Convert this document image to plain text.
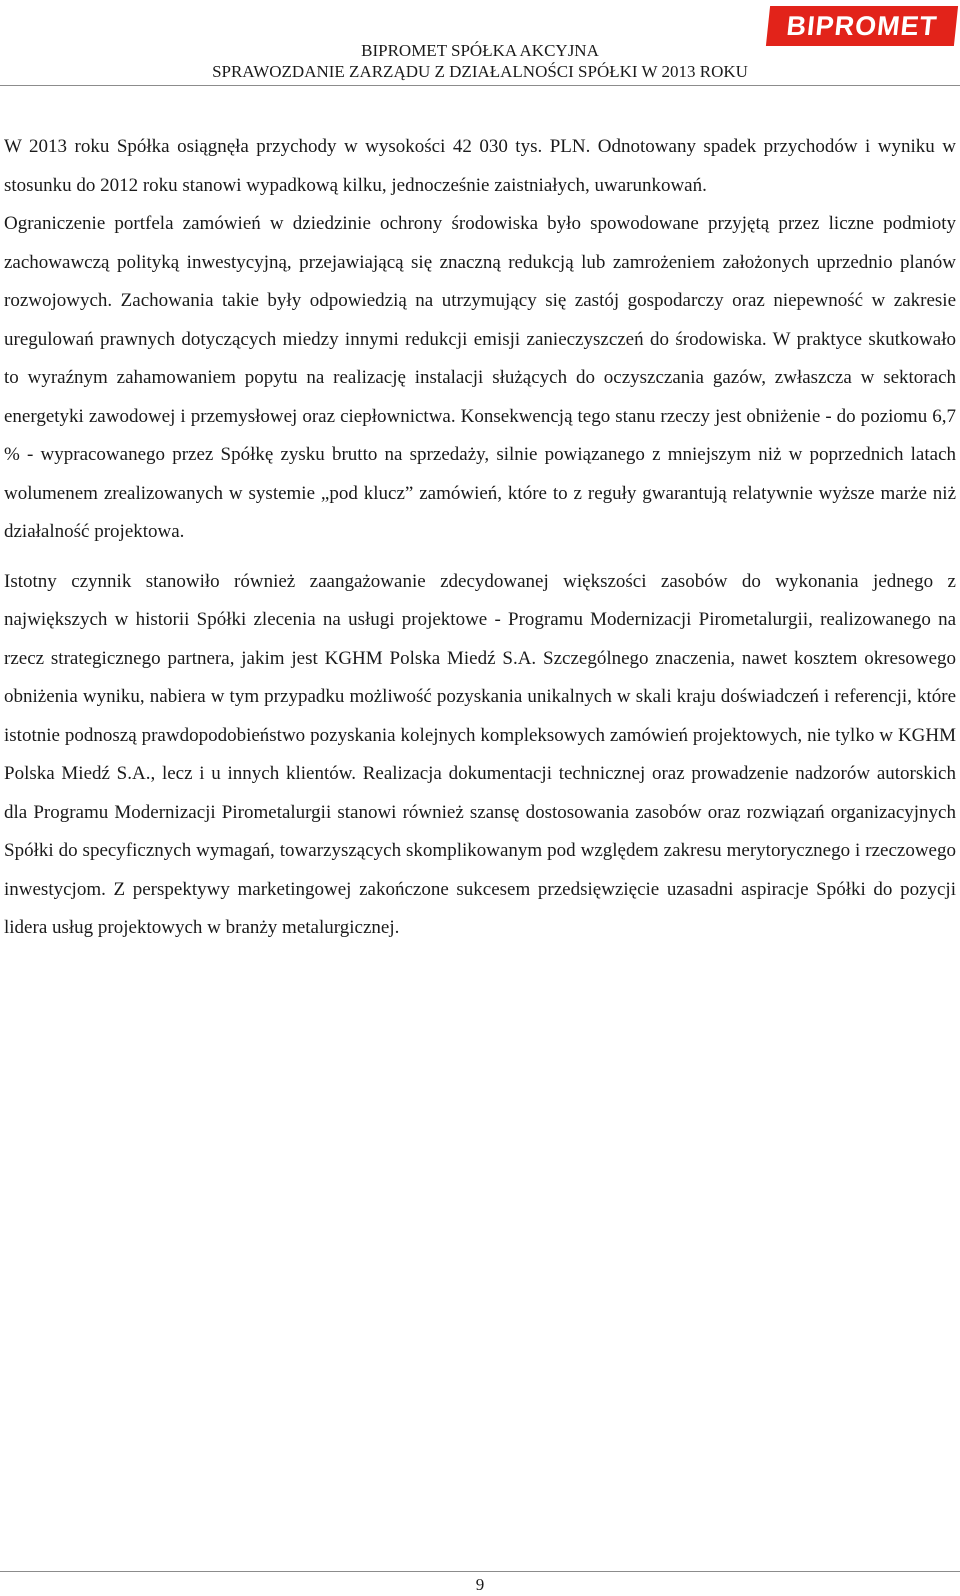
BIPROMET
BIPROMET SPÓŁKA AKCYJNA
SPRAWOZDANIE ZARZĄDU Z DZIAŁALNOŚCI SPÓŁKI W 2013 ROKU

W 2013 roku Spółka osiągnęła przychody w wysokości 42 030 tys. PLN. Odnotowany spadek przychodów i wyniku w stosunku do 2012 roku stanowi wypadkową kilku, jednocześnie zaistniałych, uwarunkowań.

Ograniczenie portfela zamówień w dziedzinie ochrony środowiska było spowodowane przyjętą przez liczne podmioty zachowawczą polityką inwestycyjną, przejawiającą się znaczną redukcją lub zamrożeniem założonych uprzednio planów rozwojowych. Zachowania takie były odpowiedzią na utrzymujący się zastój gospodarczy oraz niepewność w zakresie uregulowań prawnych dotyczących miedzy innymi redukcji emisji zanieczyszczeń do środowiska. W praktyce skutkowało to wyraźnym zahamowaniem popytu na realizację instalacji służących do oczyszczania gazów, zwłaszcza w sektorach energetyki zawodowej i przemysłowej oraz ciepłownictwa. Konsekwencją tego stanu rzeczy jest obniżenie - do poziomu 6,7 % - wypracowanego przez Spółkę zysku brutto na sprzedaży, silnie powiązanego z mniejszym niż w poprzednich latach wolumenem zrealizowanych w systemie „pod klucz” zamówień, które to z reguły gwarantują relatywnie wyższe marże niż działalność projektowa.

Istotny czynnik stanowiło również zaangażowanie zdecydowanej większości zasobów do wykonania jednego z największych w historii Spółki zlecenia na usługi projektowe - Programu Modernizacji Pirometalurgii, realizowanego na rzecz strategicznego partnera, jakim jest KGHM Polska Miedź S.A. Szczególnego znaczenia, nawet kosztem okresowego obniżenia wyniku, nabiera w tym przypadku możliwość pozyskania unikalnych w skali kraju doświadczeń i referencji, które istotnie podnoszą prawdopodobieństwo pozyskania kolejnych kompleksowych zamówień projektowych, nie tylko w KGHM Polska Miedź S.A., lecz i u innych klientów. Realizacja dokumentacji technicznej oraz prowadzenie nadzorów autorskich dla Programu Modernizacji Pirometalurgii stanowi również szansę dostosowania zasobów oraz rozwiązań organizacyjnych Spółki do specyficznych wymagań, towarzyszących skomplikowanym pod względem zakresu merytorycznego i rzeczowego inwestycjom. Z perspektywy marketingowej zakończone sukcesem przedsięwzięcie uzasadni aspiracje Spółki do pozycji lidera usług projektowych w branży metalurgicznej.

9
